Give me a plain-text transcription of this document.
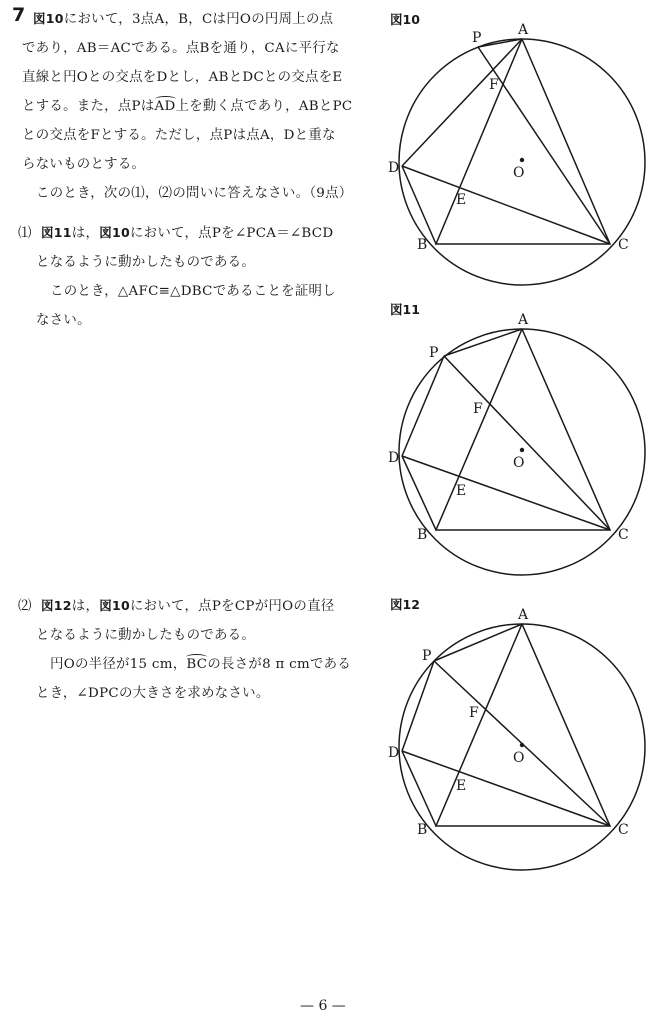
7 図10において，3点A，B，Cは円Oの円周上の点
であり，AB＝ACである。点Bを通り，CAに平行な
直線と円Oとの交点をDとし，ABとDCとの交点をE
とする。また，点PはAD上を動く点であり，ABとPC
との交点をFとする。ただし，点Pは点A，Dと重な
らないものとする。
このとき，次の⑴，⑵の問いに答えなさい。（9点）
⑴ 図11は，図10において，点Pを∠PCA＝∠BCD
となるように動かしたものである。
このとき，△AFC≡△DBCであることを証明し
なさい。
⑵ 図12は，図10において，点PをCPが円Oの直径
となるように動かしたものである。
円Oの半径が15 cm，BCの長さが8 π cmである
とき，∠DPCの大きさを求めなさい。
図10
図11
図12
A
P
F
D	O
E
B	C
A
P
F
D	O
E
B	C
A
P
F
D	O
E
B	C
— 6 —
